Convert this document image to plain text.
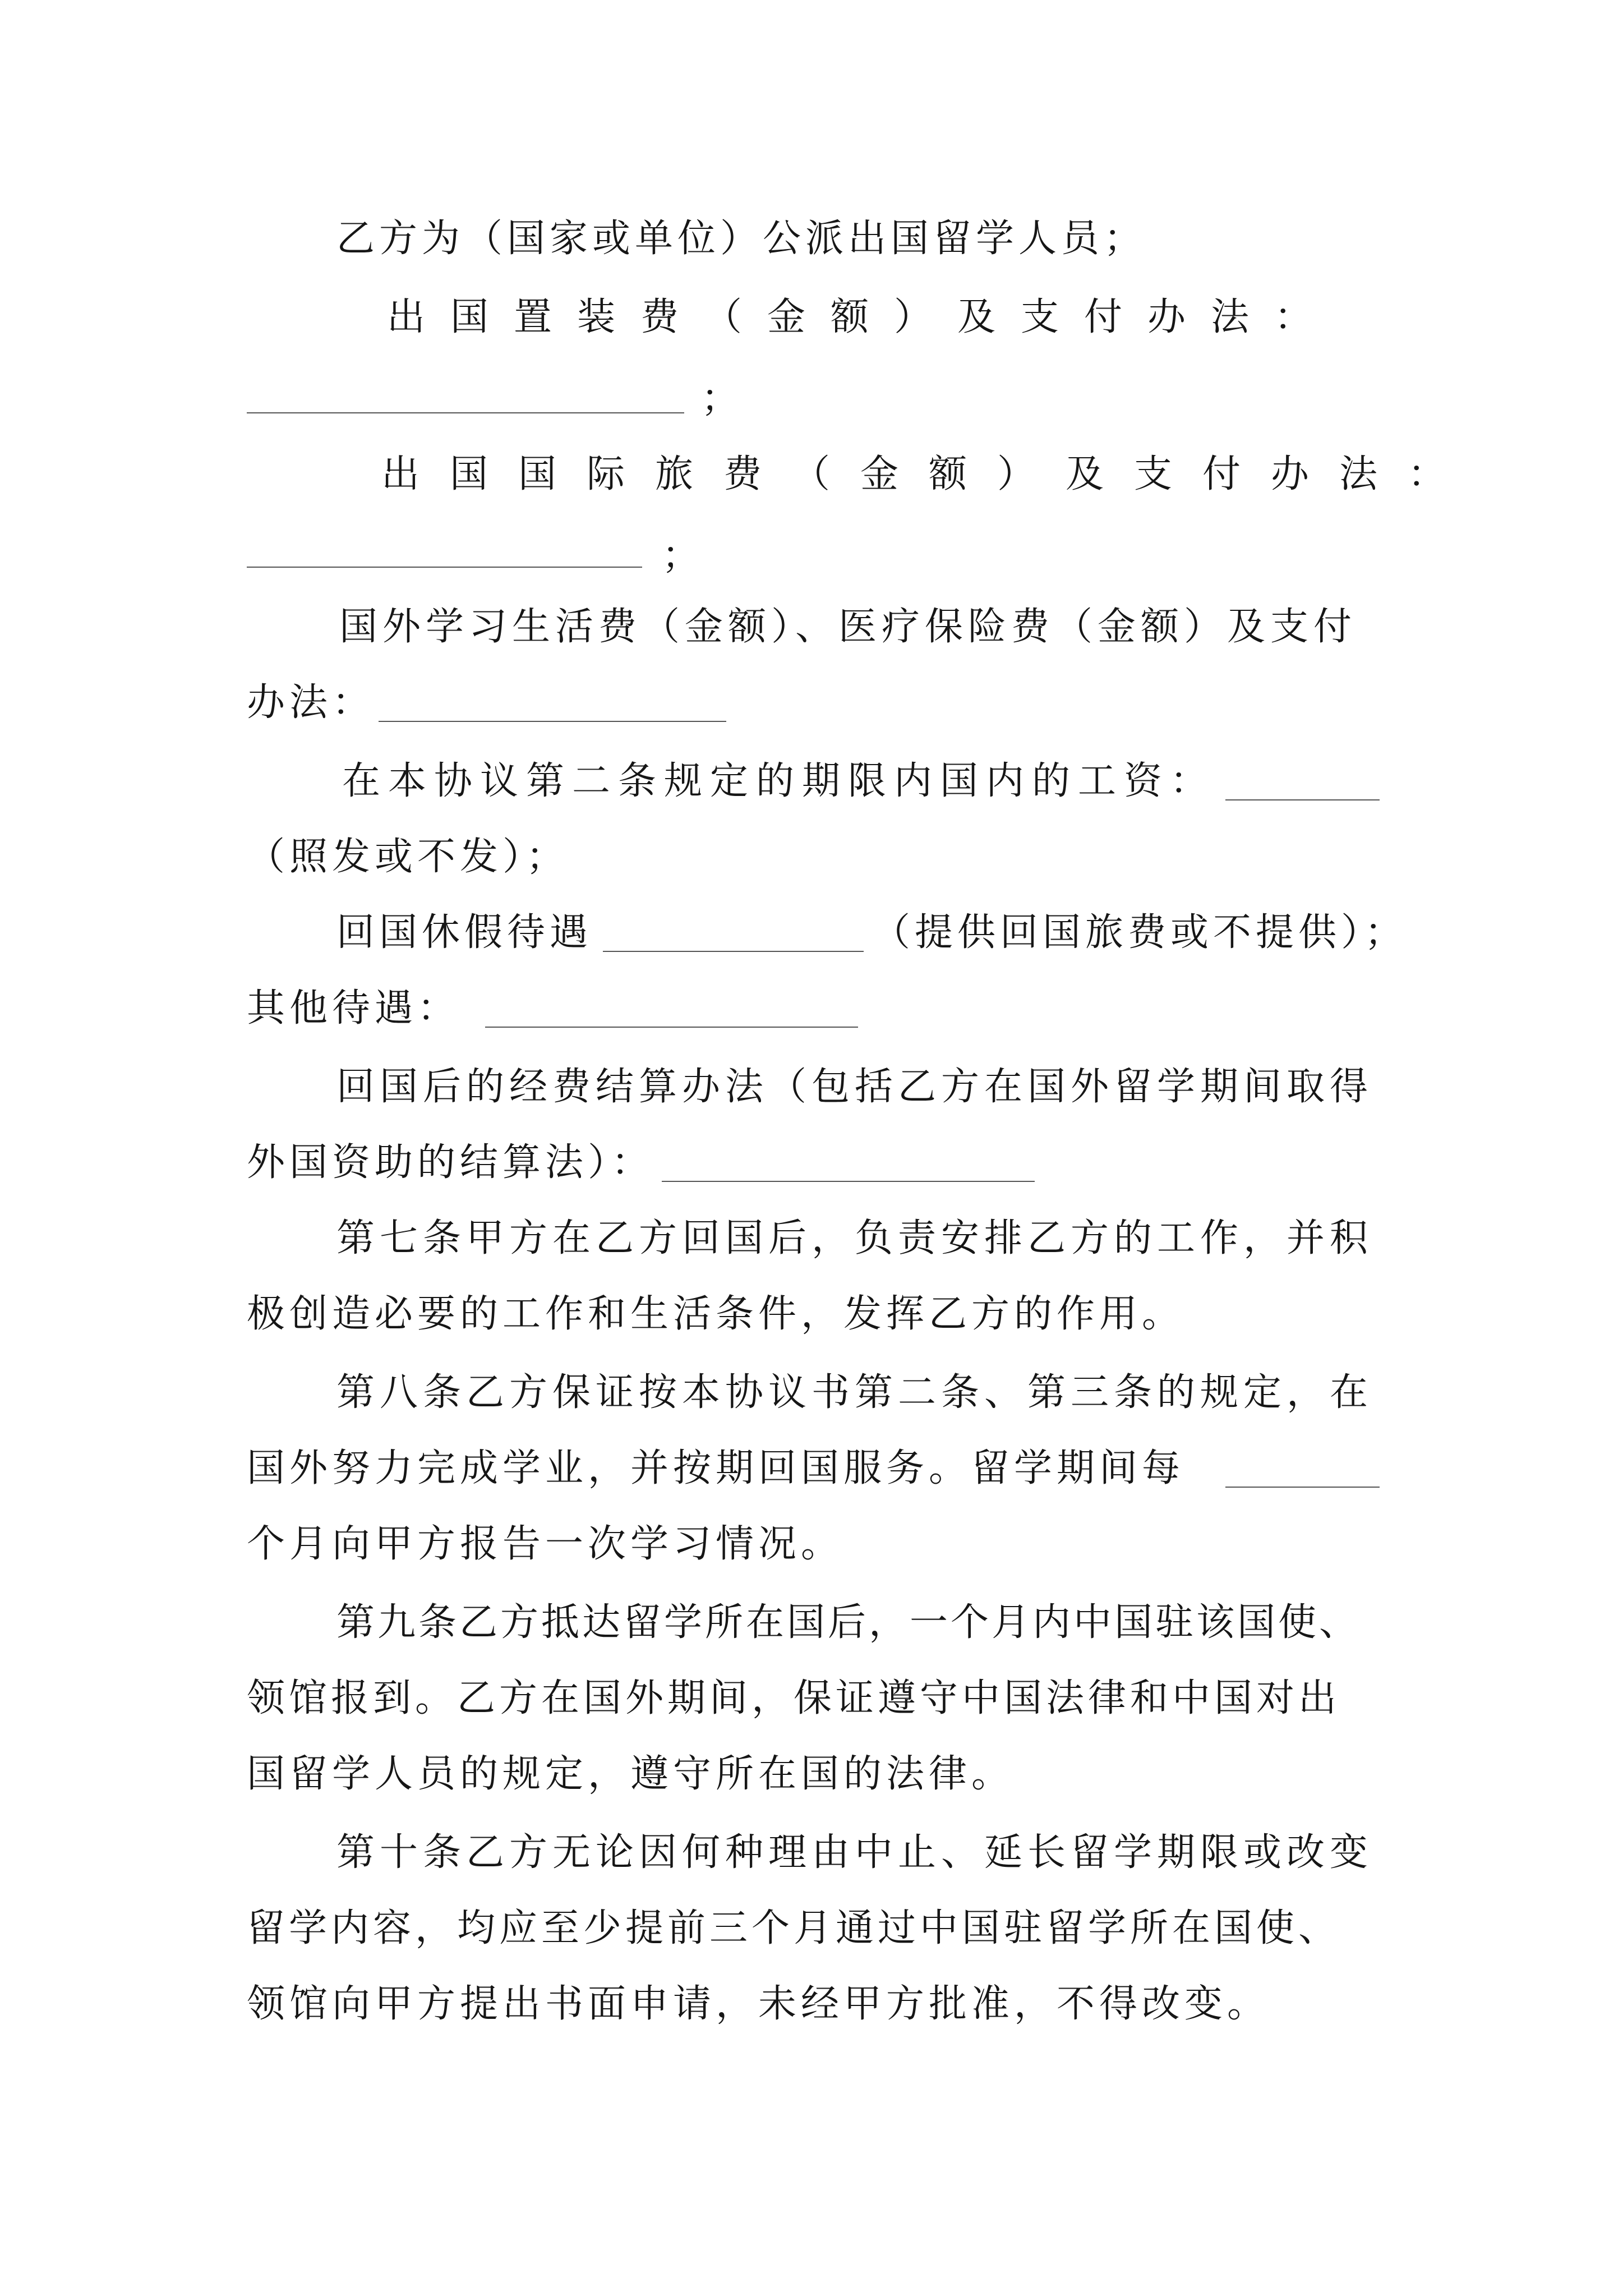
乙方为（国家或单位）公派出国留学人员；
出国置装费（金额）及支付办法：
；
出国国际旅费（金额）及支付办法：
；
国外学习生活费（金额）、医疗保险费（金额）及支付
办法：
在本协议第二条规定的期限内国内的工资：
（照发或不发）；
回国休假待遇	（提供回国旅费或不提供）；
其他待遇：
回国后的经费结算办法（包括乙方在国外留学期间取得
外国资助的结算法）：
第七条甲方在乙方回国后，负责安排乙方的工作，并积
极创造必要的工作和生活条件，发挥乙方的作用。
第八条乙方保证按本协议书第二条、第三条的规定，在
国外努力完成学业，并按期回国服务。留学期间每
个月向甲方报告一次学习情况。
第九条乙方抵达留学所在国后，一个月内中国驻该国使、
领馆报到。乙方在国外期间，保证遵守中国法律和中国对出
国留学人员的规定，遵守所在国的法律。
第十条乙方无论因何种理由中止、延长留学期限或改变
留学内容，均应至少提前三个月通过中国驻留学所在国使、
领馆向甲方提出书面申请，未经甲方批准，不得改变。
